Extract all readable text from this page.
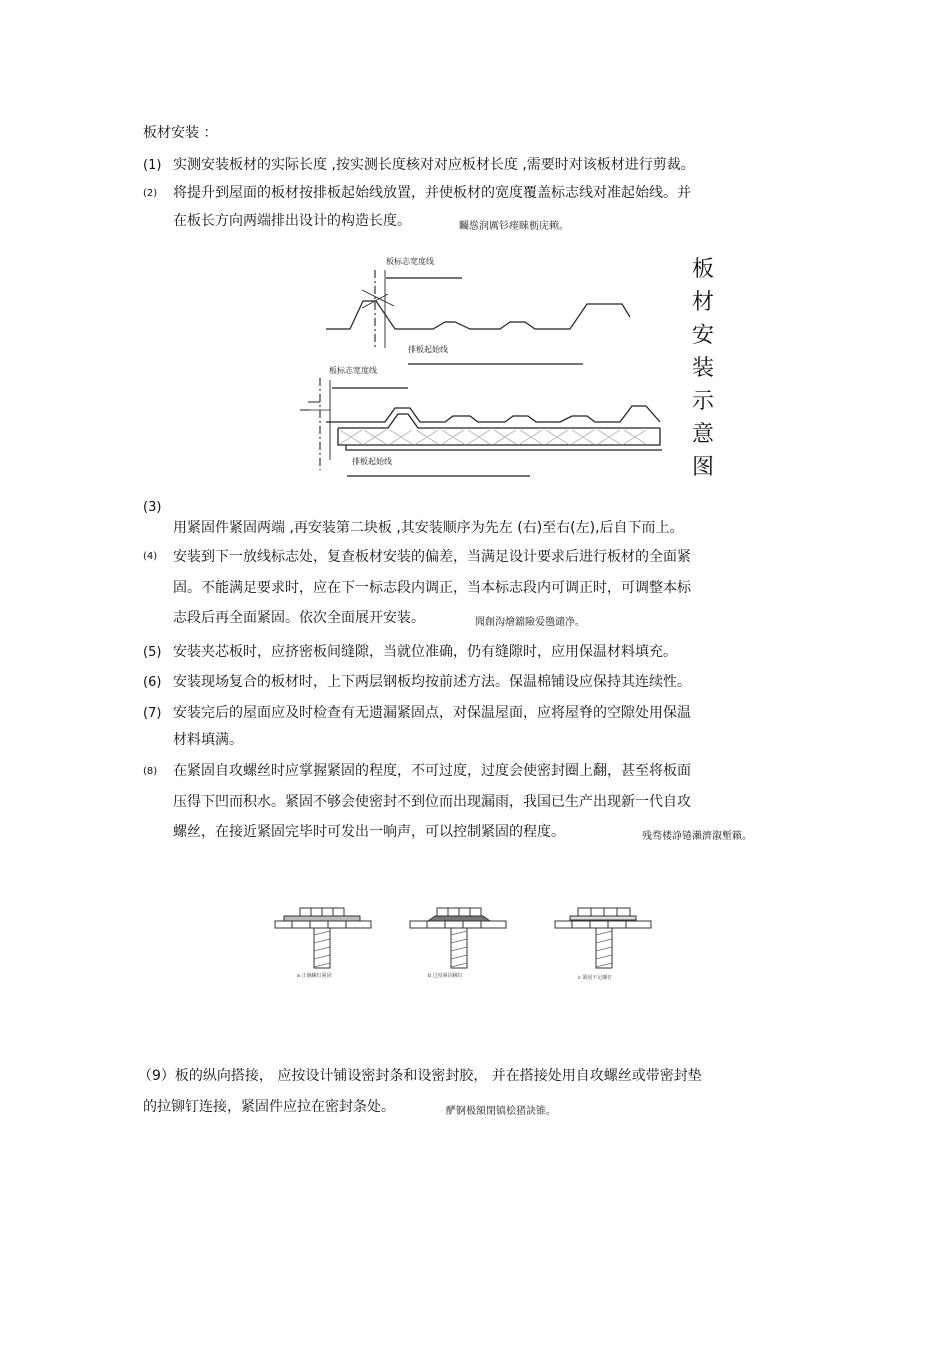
板材安装 ：
(1) 实测安装板材的实际长度 ,按实测长度核对对应板材长度 ,需要时对该板材进行剪裁。
(2) 将提升到屋面的板材按排板起始线放置，并使板材的宽度覆盖标志线对准起始线。并
在板长方向两端排出设计的构造长度。	矚慫润厲钐瘗睞枥庑赖。
板标志宽度线
排板起始线
板标志宽度线
排板起始线
板材安装示意图
(3)
用紧固件紧固两端 ,再安装第二块板 ,其安装顺序为先左 (右)至右(左),后自下而上。
(4) 安装到下一放线标志处，复查板材安装的偏差，当满足设计要求后进行板材的全面紧
固。不能满足要求时，应在下一标志段内调正，当本标志段内可调正时，可调整本标
志段后再全面紧固。依次全面展开安装。	聞創沟燴鐺險爱氇谴净。
(5) 安装夹芯板时，应挤密板间缝隙，当就位准确，仍有缝隙时，应用保温材料填充。
(6) 安装现场复合的板材时，上下两层钢板均按前述方法。保温棉铺设应保持其连续性。
(7) 安装完后的屋面应及时检查有无遗漏紧固点，对保温屋面，应将屋脊的空隙处用保温
材料填满。
(8) 在紧固自攻螺丝时应掌握紧固的程度，不可过度，过度会使密封圈上翻，甚至将板面
压得下凹而积水。紧固不够会使密封不到位而出现漏雨，我国已生产出现新一代自攻
螺丝，在接近紧固完毕时可发出一响声，可以控制紧固的程度。	残骛楼諍锩瀨濟溆塹籟。
a 正确螺钉紧固	b 过度紧固螺钉	c 紧固不足螺钉
（9）板的纵向搭接， 应按设计铺设密封条和设密封胶， 并在搭接处用自攻螺丝或带密封垫
的拉铆钉连接，紧固件应拉在密封条处。	酽锕极額閉镇桧猪訣锥。
